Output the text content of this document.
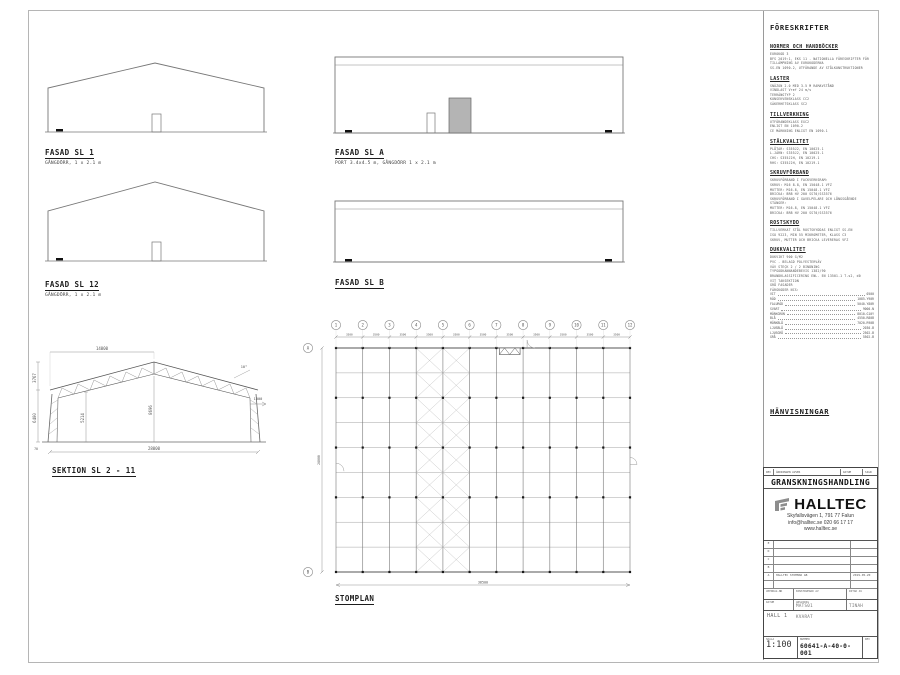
FASAD SL 1
GÅNGDÖRR, 1 x 2.1 m
FASAD SL A
PORT 3.4x4.5 m, GÅNGDÖRR 1 x 2.1 m
FASAD SL 12
GÅNGDÖRR, 1 x 2.1 m
FASAD SL B
14000
3767
6400
70
5214
8696
10°
1000
28000
SEKTION SL 2 - 11
1	2	3	4	5	6	7	8	9	10	11	12
3500	3500	3500	3500	3500	3500	3500	3500	3500	3500	3500
A
B
28000
38500
STOMPLAN
FÖRESKRIFTER
NORMER OCH HANDBÖCKER
EUROKOD 3
BFS 2019:1, EKS 11 - NATIONELLA FÖRESKRIFTER FÖR TILLÄMPNING AV EUROKODERNA
SS-EN 1090-2, UTFÖRANDE AV STÅLKONSTRUKTIONER
LASTER
SNÖZON 2.0 MED 3.5 M RAMAVSTÅND
VINDLAST Vref 24 m/s
TERRÄNGTYP 2
KONSEKVENSKLASS CC2
SÄKERHETSKLASS SC2
TILLVERKNING
UTFÖRANDEKLASS EXC2
ENLIGT EN 1090-2
CE MÄRKNING ENLIGT EN 1090-1
STÅLKVALITET
PLÅTAR: S355J2, EN 10025-1
L-JÄRN: S355J2, EN 10025-1
CHS: S355J2H, EN 10219-1
RHS: S355J2H, EN 10219-1
SKRUVFÖRBAND
SKRUVFÖRBAND I FACKVERKSRAM:
SKRUV: M16 8.8, EN 15048-1 VFZ
MUTTER: M16-8, EN 15048-1 VFZ
BRICKA: BRB HV 200 SS70/SS3576
SKRUVFÖRBAND I GAVELPELARE OCH LÅNGSGÅENDE STÄNGER:
MUTTER: M16-8, EN 15048-1 VFZ
BRICKA: BRB HV 200 SS70/SS3576
ROSTSKYDD
TILLVERKAT STÅL ROSTSKYDDAS ENLIGT SS-EN
ISO 9223, MIN 55 MIKROMETER, KLASS C3
SKRUV, MUTTER OCH BRICKA LEVERERAS VFZ
DUKKVALITET
DUKVIKT 900 G/M2
PVC - BELAGD POLYESTERVÄV
VÄV STECK 2 / 2 BINDNING
TYPGODKÄNNANDEBEVIS 1382/90
BRANDKLASSIFICERING ENL. EN 13501-1 T-s2, d0
VIT TAKSEKTION
GRÅ FASADER
FÄRGKODER NCS:
VIT	0500
RÖD	1085-Y90R
FALURÖD	5040-Y80R
SVART	9000-N
MÖRKGRÖN	8010-G10Y
BLÅ	4550-R80B
MÖRKBLÅ	7020-R90B
LJUSBLÅ	2030-B
LJUSGRÅ	2502-B
GRÅ	5502-B
HÄNVISNINGAR
REV	ÄNDRINGEN AVSER	DATUM	SIGN
GRANSKNINGSHANDLING
HALLTEC
Skyfallsvägen 1, 791 77 Falun
info@halltec.se 020 66 17 17
www.halltec.se
E
D
C
B
A	HALLTEC STOMMAR AB	2019-05-20
UPPDRAG.NR	KONSTRUERAD AV
MATS01
RITAD AV
TINAH
DATUM	ANSVARIG
KVARAT
HALL 1
SKALA
1:100
NUMMER
60641-A-40-0-001
REV
